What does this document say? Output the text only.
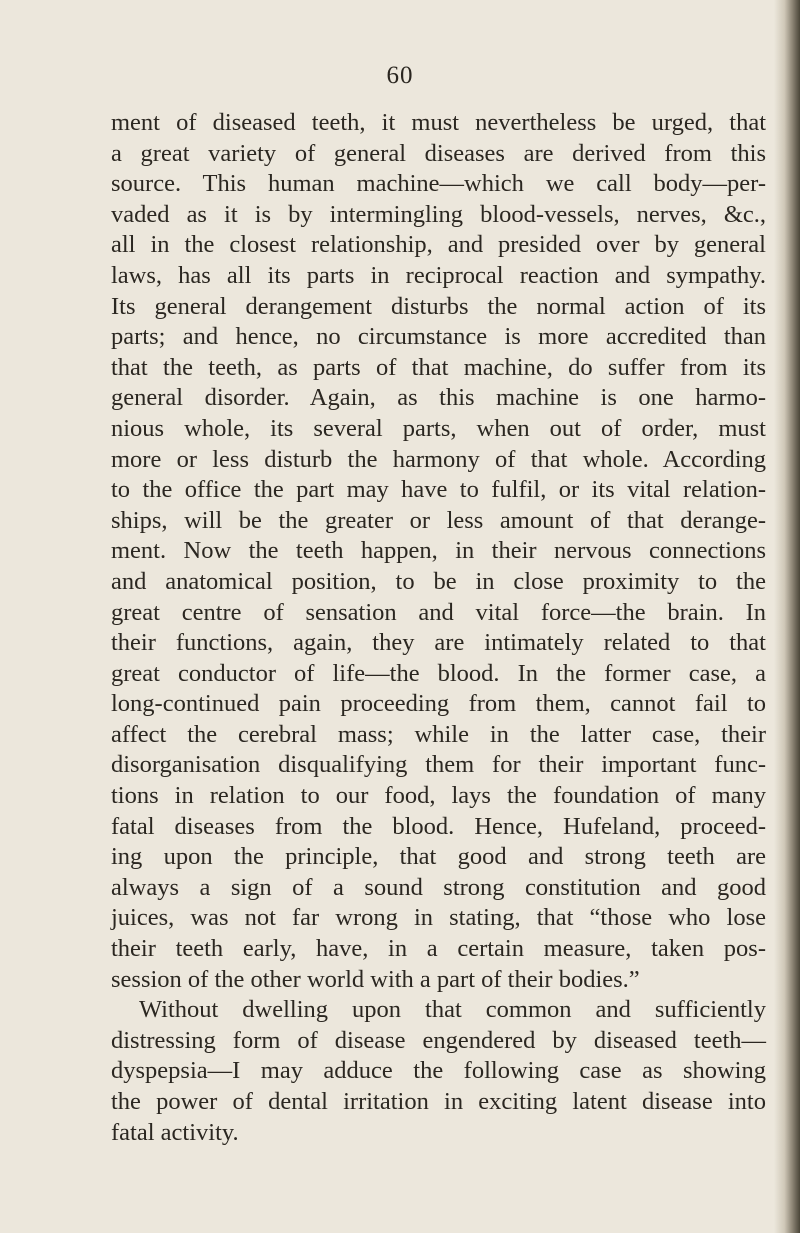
60
ment of diseased teeth, it must nevertheless be urged, that
a great variety of general diseases are derived from this
source. This human machine—which we call body—per-
vaded as it is by intermingling blood-vessels, nerves, &c.,
all in the closest relationship, and presided over by general
laws, has all its parts in reciprocal reaction and sympathy.
Its general derangement disturbs the normal action of its
parts; and hence, no circumstance is more accredited than
that the teeth, as parts of that machine, do suffer from its
general disorder. Again, as this machine is one harmo-
nious whole, its several parts, when out of order, must
more or less disturb the harmony of that whole. According
to the office the part may have to fulfil, or its vital relation-
ships, will be the greater or less amount of that derange-
ment. Now the teeth happen, in their nervous connections
and anatomical position, to be in close proximity to the
great centre of sensation and vital force—the brain. In
their functions, again, they are intimately related to that
great conductor of life—the blood. In the former case, a
long-continued pain proceeding from them, cannot fail to
affect the cerebral mass; while in the latter case, their
disorganisation disqualifying them for their important func-
tions in relation to our food, lays the foundation of many
fatal diseases from the blood. Hence, Hufeland, proceed-
ing upon the principle, that good and strong teeth are
always a sign of a sound strong constitution and good
juices, was not far wrong in stating, that “those who lose
their teeth early, have, in a certain measure, taken pos-
session of the other world with a part of their bodies.”
Without dwelling upon that common and sufficiently
distressing form of disease engendered by diseased teeth—
dyspepsia—I may adduce the following case as showing
the power of dental irritation in exciting latent disease into
fatal activity.
